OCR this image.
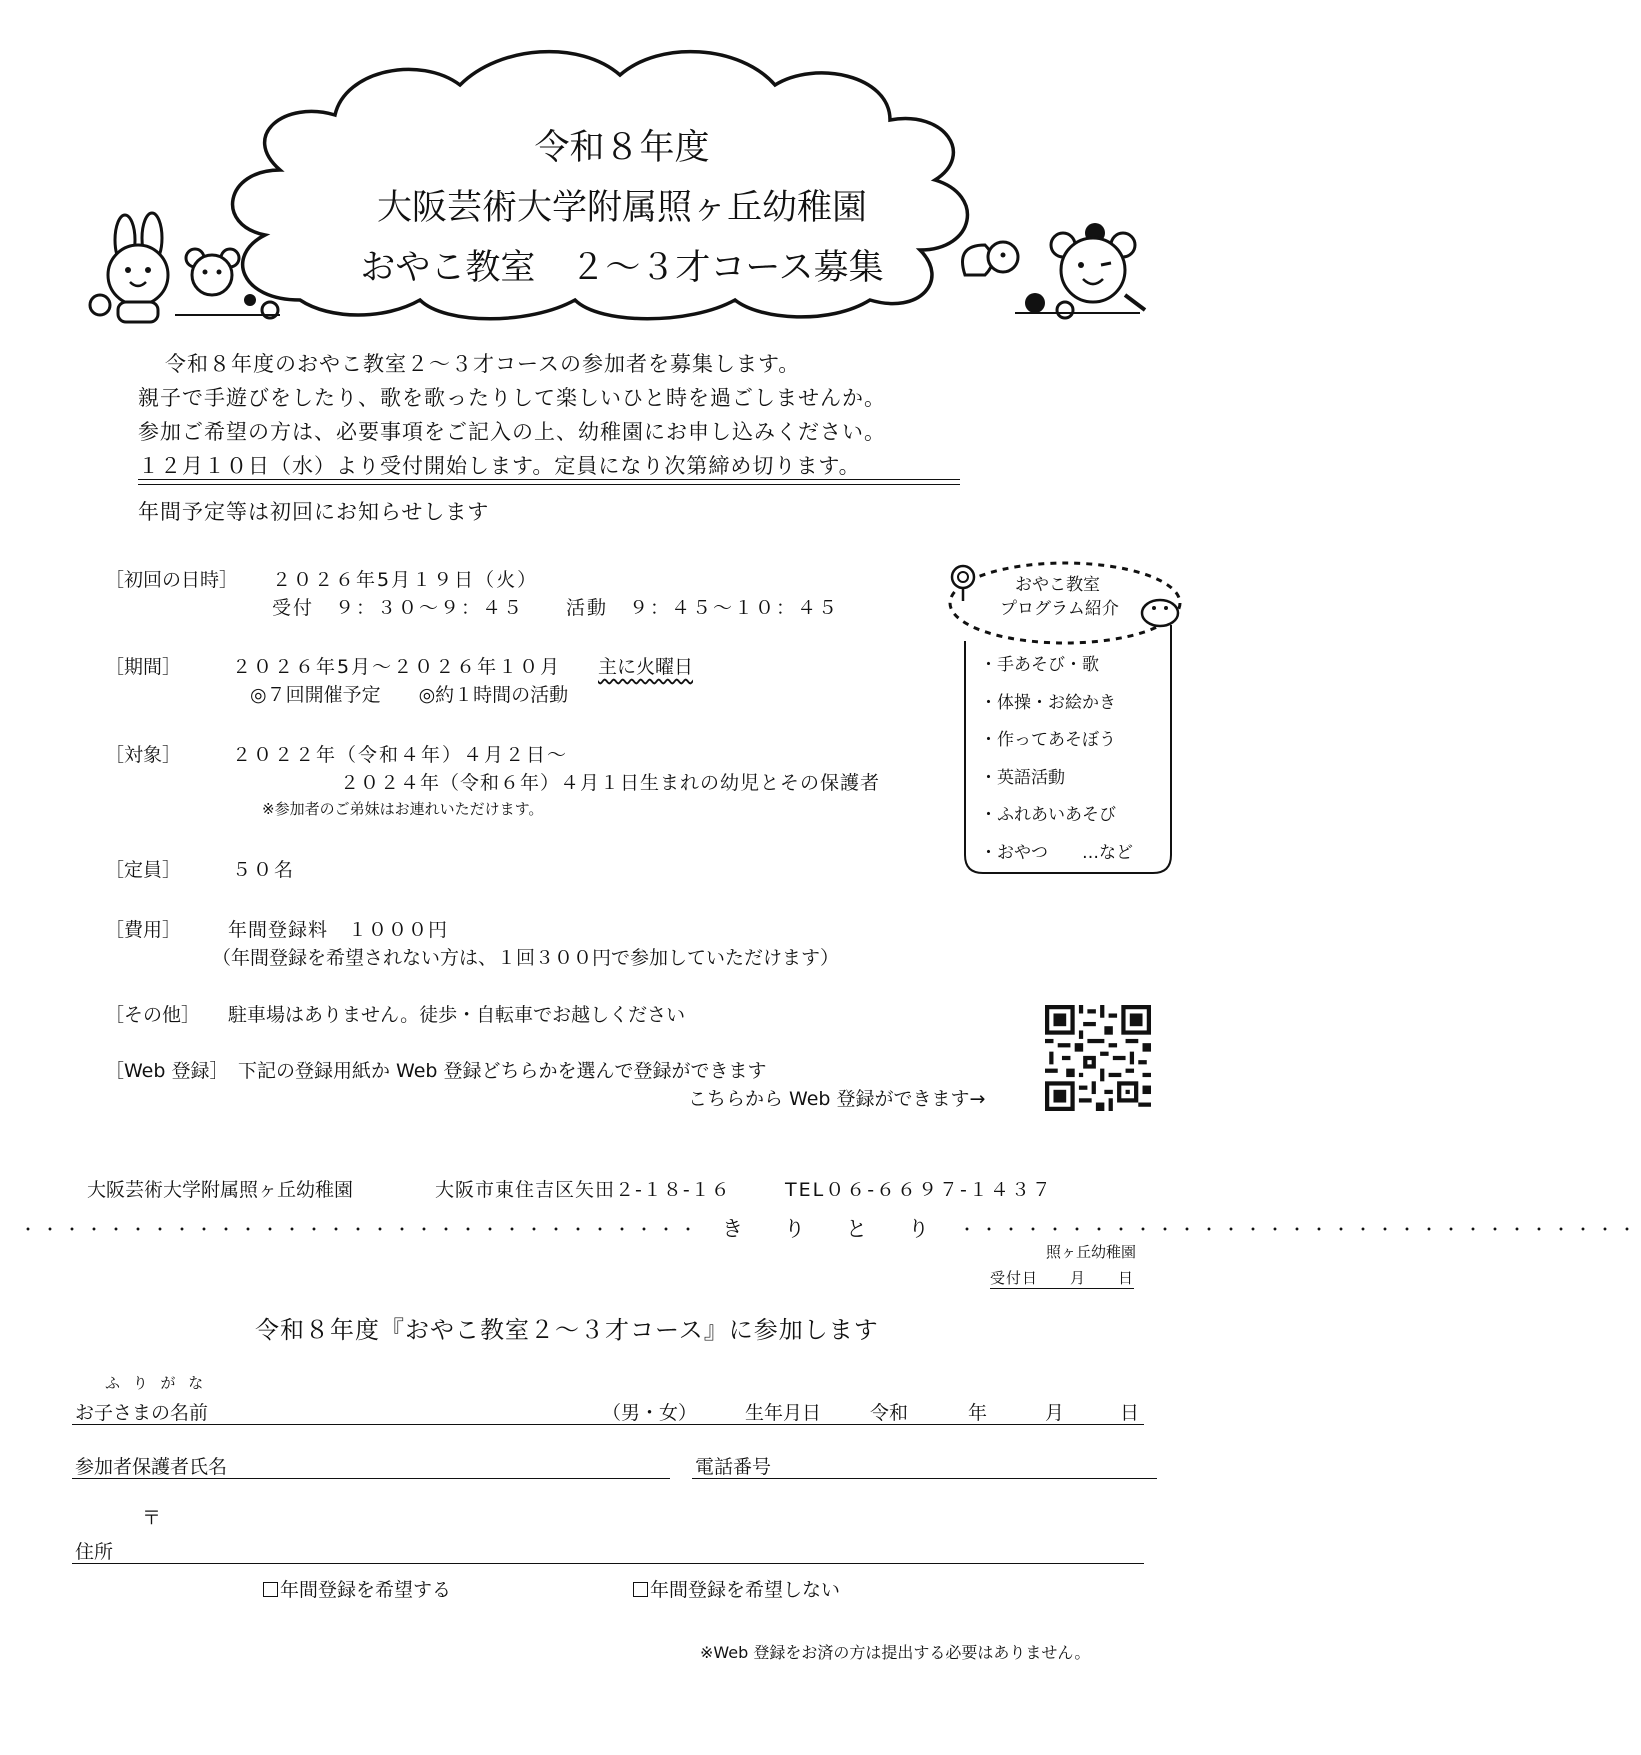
令和８年度
大阪芸術大学附属照ヶ丘幼稚園
おやこ教室　２～３才コース募集
令和８年度のおやこ教室２～３才コースの参加者を募集します。
親子で手遊びをしたり、歌を歌ったりして楽しいひと時を過ごしませんか。
参加ご希望の方は、必要事項をご記入の上、幼稚園にお申し込みください。
１２月１０日（水）より受付開始します。定員になり次第締め切ります。
年間予定等は初回にお知らせします
［初回の日時］ ２０２６年5月１９日（火）
受付　９：３０～９：４５　　活動　９：４５～１０：４５
［期間］	２０２６年5月～２０２６年１０月 主に火曜日
◎７回開催予定　　◎約１時間の活動
［対象］	２０２２年（令和４年）４月２日～
２０２４年（令和６年）４月１日生まれの幼児とその保護者
※参加者のご弟妹はお連れいただけます。
［定員］	５０名
［費用］ 年間登録料　１０００円
（年間登録を希望されない方は、１回３００円で参加していただけます）
［その他］ 駐車場はありません。徒歩・自転車でお越しください
［Web 登録］ 下記の登録用紙か Web 登録どちらかを選んで登録ができます
こちらから Web 登録ができます→
おやこ教室
プログラム紹介
・手あそび・歌
・体操・お絵かき
・作ってあそぼう
・英語活動
・ふれあいあそび
・おやつ　　…など
大阪芸術大学附属照ヶ丘幼稚園	大阪市東住吉区矢田２-１８-１６	TEL０６-６６９７-１４３７
・・・・・・・・・・・・・・・・・・・・・・・・・・・・・・・ き　り　と　り	・・・・・・・・・・・・・・・・・・・・・・・・・・・・・・・
照ヶ丘幼稚園
受付日　　月　　日
令和８年度『おやこ教室２～３才コース』に参加します
ふ り が な
お子さまの名前	（男・女）	生年月日	令和	年	月	日
参加者保護者氏名	電話番号
〒
住所
年間登録を希望する	年間登録を希望しない
※Web 登録をお済の方は提出する必要はありません。
